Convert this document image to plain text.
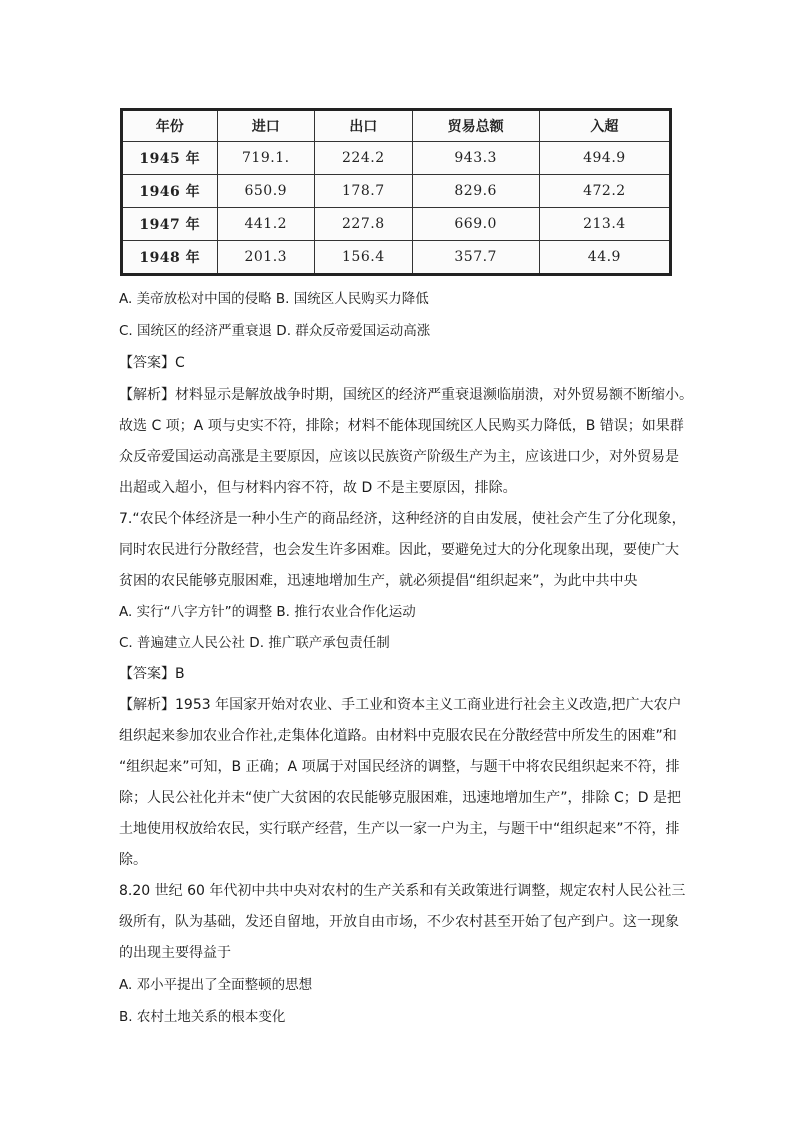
年份	进口	出口	贸易总额	入超
1945 年	719.1.	224.2	943.3	494.9
1946 年	650.9	178.7	829.6	472.2
1947 年	441.2	227.8	669.0	213.4
1948 年	201.3	156.4	357.7	44.9
A. 美帝放松对中国的侵略 B. 国统区人民购买力降低
C. 国统区的经济严重衰退 D. 群众反帝爱国运动高涨
【答案】C
【解析】材料显示是解放战争时期，国统区的经济严重衰退濒临崩溃，对外贸易额不断缩小。
故选 C 项；A 项与史实不符，排除；材料不能体现国统区人民购买力降低，B 错误；如果群
众反帝爱国运动高涨是主要原因，应该以民族资产阶级生产为主，应该进口少，对外贸易是
出超或入超小，但与材料内容不符，故 D 不是主要原因，排除。
7.“农民个体经济是一种小生产的商品经济，这种经济的自由发展，使社会产生了分化现象，
同时农民进行分散经营，也会发生许多困难。因此，要避免过大的分化现象出现，要使广大
贫困的农民能够克服困难，迅速地增加生产，就必须提倡“组织起来”，为此中共中央
A. 实行“八字方针”的调整 B. 推行农业合作化运动
C. 普遍建立人民公社 D. 推广联产承包责任制
【答案】B
【解析】1953 年国家开始对农业、手工业和资本主义工商业进行社会主义改造,把广大农户
组织起来参加农业合作社,走集体化道路。由材料中克服农民在分散经营中所发生的困难”和
“组织起来”可知，B 正确；A 项属于对国民经济的调整，与题干中将农民组织起来不符，排
除；人民公社化并未“使广大贫困的农民能够克服困难，迅速地增加生产”，排除 C；D 是把
土地使用权放给农民，实行联产经营，生产以一家一户为主，与题干中“组织起来”不符，排
除。
8.20 世纪 60 年代初中共中央对农村的生产关系和有关政策进行调整，规定农村人民公社三
级所有，队为基础，发还自留地，开放自由市场，不少农村甚至开始了包产到户。这一现象
的出现主要得益于
A. 邓小平提出了全面整顿的思想
B. 农村土地关系的根本变化
